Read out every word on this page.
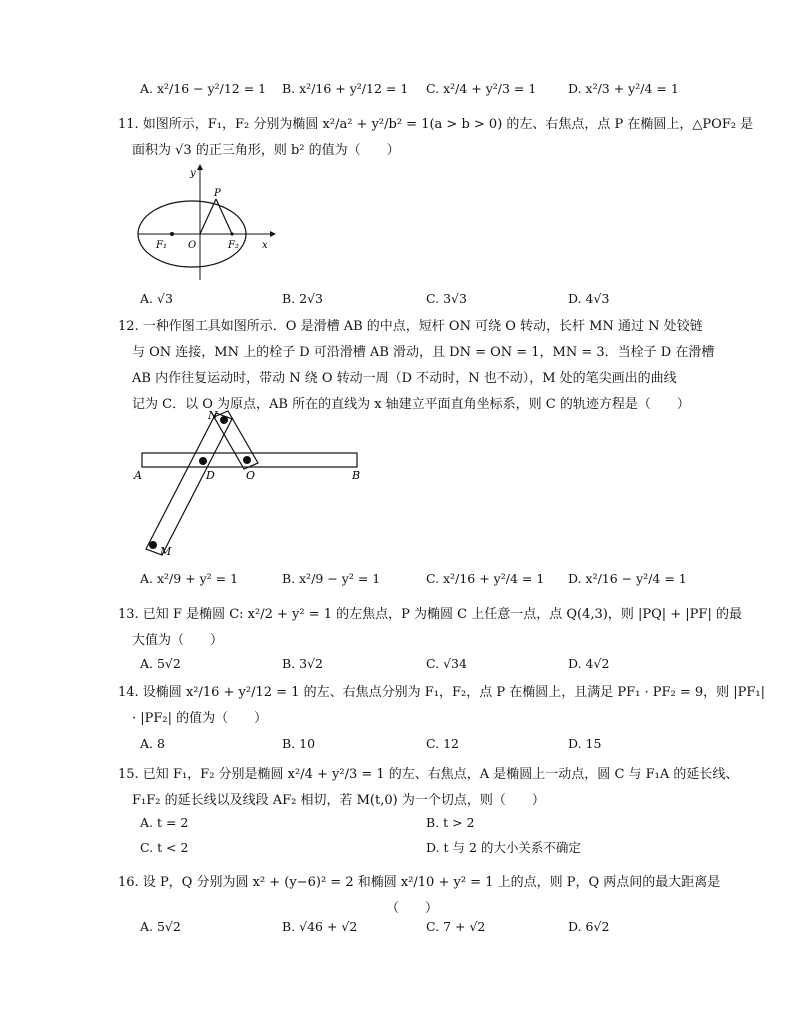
A. x²/16 − y²/12 = 1 B. x²/16 + y²/12 = 1 C. x²/4 + y²/3 = 1	D. x²/3 + y²/4 = 1
11. 如图所示，F₁，F₂ 分别为椭圆 x²/a² + y²/b² = 1(a > b > 0) 的左、右焦点，点 P 在椭圆上，△POF₂ 是
面积为 √3 的正三角形，则 b² 的值为（　　）
y
P
F₁ O	F₂ x
A. √3	B. 2√3	C. 3√3	D. 4√3
12. 一种作图工具如图所示．O 是滑槽 AB 的中点，短杆 ON 可绕 O 转动，长杆 MN 通过 N 处铰链
与 ON 连接，MN 上的栓子 D 可沿滑槽 AB 滑动，且 DN = ON = 1，MN = 3．当栓子 D 在滑槽
AB 内作往复运动时，带动 N 绕 O 转动一周（D 不动时，N 也不动），M 处的笔尖画出的曲线
记为 C．以 O 为原点，AB 所在的直线为 x 轴建立平面直角坐标系，则 C 的轨迹方程是（　　）
N
A	D	O	B
M
A. x²/9 + y² = 1	B. x²/9 − y² = 1	C. x²/16 + y²/4 = 1 D. x²/16 − y²/4 = 1
13. 已知 F 是椭圆 C: x²/2 + y² = 1 的左焦点，P 为椭圆 C 上任意一点，点 Q(4,3)，则 |PQ| + |PF| 的最
大值为（　　）
A. 5√2	B. 3√2	C. √34	D. 4√2
14. 设椭圆 x²/16 + y²/12 = 1 的左、右焦点分别为 F₁，F₂，点 P 在椭圆上，且满足 PF₁ · PF₂ = 9，则 |PF₁|
· |PF₂| 的值为（　　）
A. 8	B. 10	C. 12	D. 15
15. 已知 F₁，F₂ 分别是椭圆 x²/4 + y²/3 = 1 的左、右焦点，A 是椭圆上一动点，圆 C 与 F₁A 的延长线、
F₁F₂ 的延长线以及线段 AF₂ 相切，若 M(t,0) 为一个切点，则（　　）
A. t = 2	B. t > 2
C. t < 2	D. t 与 2 的大小关系不确定
16. 设 P，Q 分别为圆 x² + (y−6)² = 2 和椭圆 x²/10 + y² = 1 上的点，则 P，Q 两点间的最大距离是
（　　）
A. 5√2	B. √46 + √2	C. 7 + √2	D. 6√2
